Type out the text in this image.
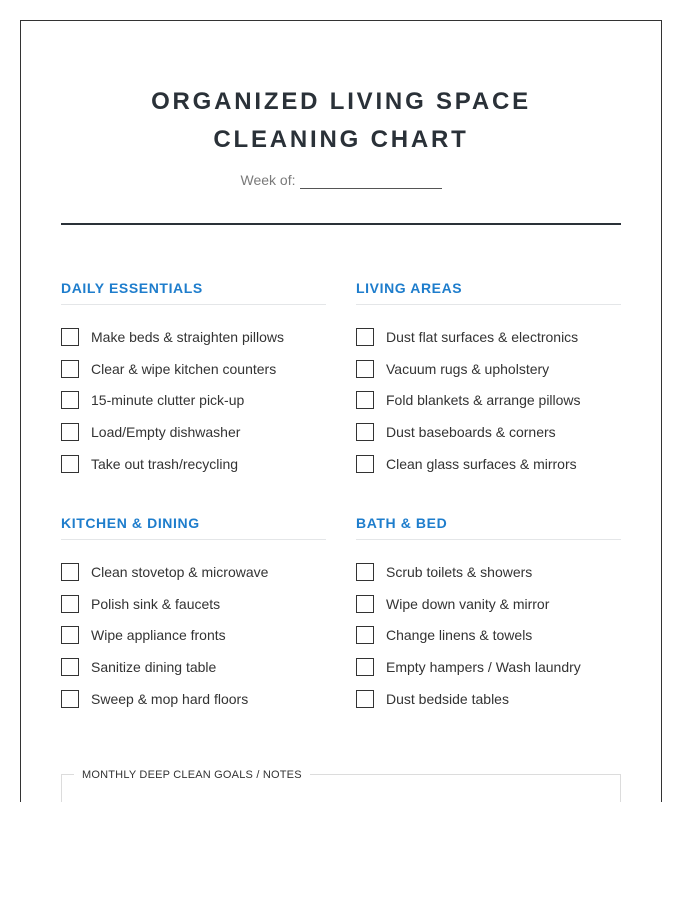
ORGANIZED LIVING SPACE CLEANING CHART
Week of:
DAILY ESSENTIALS
Make beds & straighten pillows
Clear & wipe kitchen counters
15-minute clutter pick-up
Load/Empty dishwasher
Take out trash/recycling
LIVING AREAS
Dust flat surfaces & electronics
Vacuum rugs & upholstery
Fold blankets & arrange pillows
Dust baseboards & corners
Clean glass surfaces & mirrors
KITCHEN & DINING
Clean stovetop & microwave
Polish sink & faucets
Wipe appliance fronts
Sanitize dining table
Sweep & mop hard floors
BATH & BED
Scrub toilets & showers
Wipe down vanity & mirror
Change linens & towels
Empty hampers / Wash laundry
Dust bedside tables
MONTHLY DEEP CLEAN GOALS / NOTES
